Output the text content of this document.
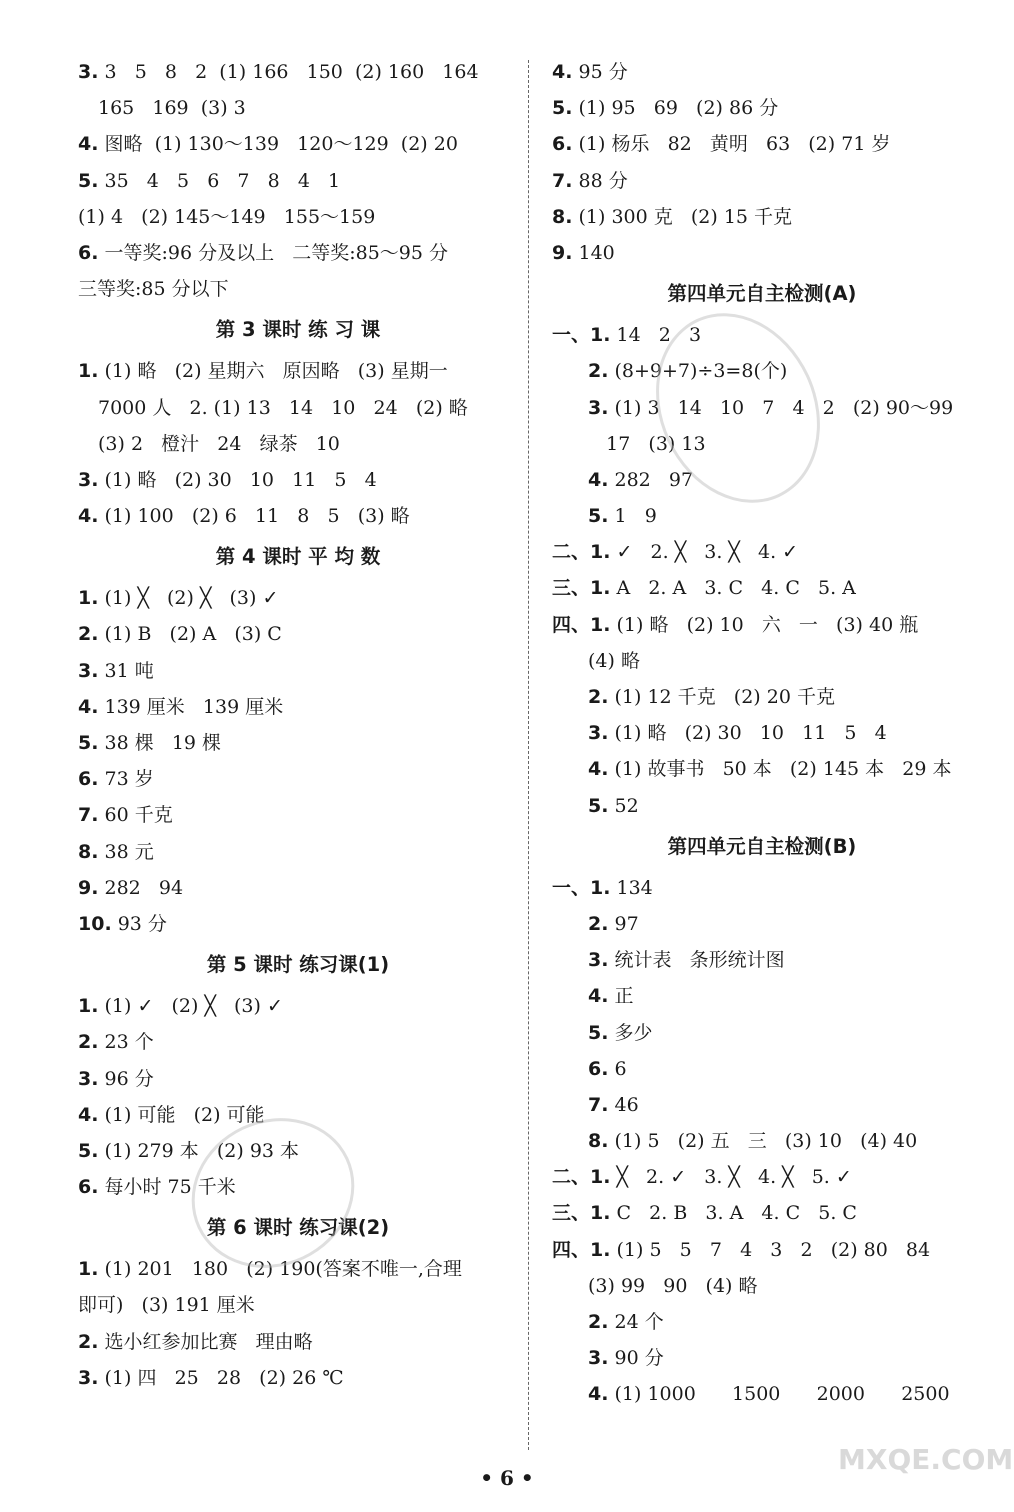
3. 3   5   8   2  (1) 166   150  (2) 160   164
165   169  (3) 3
4. 图略  (1) 130～139   120～129  (2) 20
5. 35   4   5   6   7   8   4   1
(1) 4   (2) 145～149   155～159
6. 一等奖:96 分及以上   二等奖:85～95 分
三等奖:85 分以下
第 3 课时 练 习 课
1. (1) 略   (2) 星期六   原因略   (3) 星期一
7000 人   2. (1) 13   14   10   24   (2) 略
(3) 2   橙汁   24   绿茶   10
3. (1) 略   (2) 30   10   11   5   4
4. (1) 100   (2) 6   11   8   5   (3) 略
第 4 课时 平 均 数
1. (1) ╳   (2) ╳   (3) ✓
2. (1) B   (2) A   (3) C
3. 31 吨
4. 139 厘米   139 厘米
5. 38 棵   19 棵
6. 73 岁
7. 60 千克
8. 38 元
9. 282   94
10. 93 分
第 5 课时 练习课(1)
1. (1) ✓   (2) ╳   (3) ✓
2. 23 个
3. 96 分
4. (1) 可能   (2) 可能
5. (1) 279 本   (2) 93 本
6. 每小时 75 千米
第 6 课时 练习课(2)
1. (1) 201   180   (2) 190(答案不唯一,合理
即可)   (3) 191 厘米
2. 选小红参加比赛   理由略
3. (1) 四   25   28   (2) 26 ℃
4. 95 分
5. (1) 95   69   (2) 86 分
6. (1) 杨乐   82   黄明   63   (2) 71 岁
7. 88 分
8. (1) 300 克   (2) 15 千克
9. 140
第四单元自主检测(A)
一、1. 14   2   3
2. (8+9+7)÷3=8(个)
3. (1) 3   14   10   7   4   2   (2) 90～99
17   (3) 13
4. 282   97
5. 1   9
二、1. ✓   2. ╳   3. ╳   4. ✓
三、1. A   2. A   3. C   4. C   5. A
四、1. (1) 略   (2) 10   六   一   (3) 40 瓶
(4) 略
2. (1) 12 千克   (2) 20 千克
3. (1) 略   (2) 30   10   11   5   4
4. (1) 故事书   50 本   (2) 145 本   29 本
5. 52
第四单元自主检测(B)
一、1. 134
2. 97
3. 统计表   条形统计图
4. 正
5. 多少
6. 6
7. 46
8. (1) 5   (2) 五   三   (3) 10   (4) 40
二、1. ╳   2. ✓   3. ╳   4. ╳   5. ✓
三、1. C   2. B   3. A   4. C   5. C
四、1. (1) 5   5   7   4   3   2   (2) 80   84
(3) 99   90   (4) 略
2. 24 个
3. 90 分
4. (1) 1000      1500      2000      2500
• 6 •
MXQE.COM
